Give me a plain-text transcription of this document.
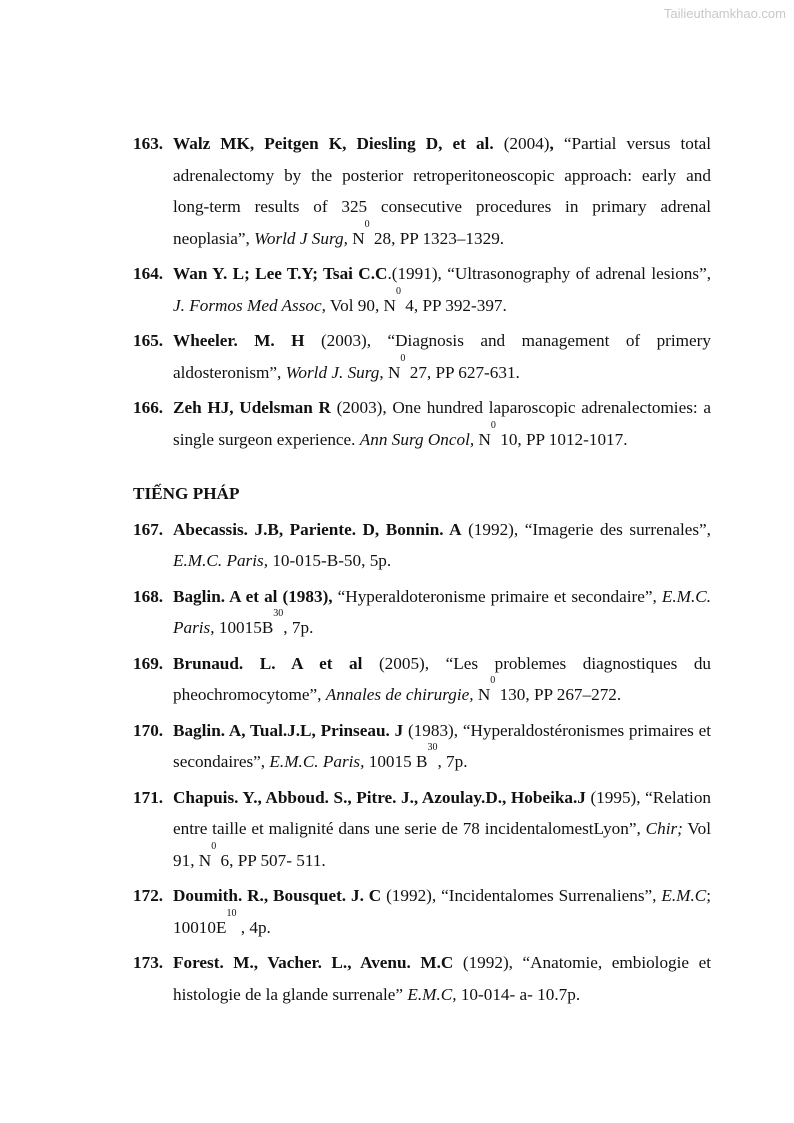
Tailieuthamkhao.com
163. Walz MK, Peitgen K, Diesling D, et al. (2004), “Partial versus total adrenalectomy by the posterior retroperitoneoscopic approach: early and long-term results of 325 consecutive procedures in primary adrenal neoplasia”, World J Surg, $N^0$ 28, PP 1323–1329.
164. Wan Y. L; Lee T.Y; Tsai C.C.(1991), “Ultrasonography of adrenal lesions”, J. Formos Med Assoc, Vol 90, $N^0$ 4, PP 392-397.
165. Wheeler. M. H (2003), “Diagnosis and management of primery aldosteronism”, World J. Surg, $N^0$ 27, PP 627-631.
166. Zeh HJ, Udelsman R (2003), One hundred laparoscopic adrenalectomies: a single surgeon experience. Ann Surg Oncol, $N^0$ 10, PP 1012-1017.
TIẾNG PHÁP
167. Abecassis. J.B, Pariente. D, Bonnin. A (1992), “Imagerie des surrenales”, E.M.C. Paris, 10-015-B-50, 5p.
168. Baglin. A et al (1983), “Hyperaldoteronisme primaire et secondaire”, E.M.C. Paris, $10015B^{30}$, 7p.
169. Brunaud. L. A et al (2005), “Les problemes diagnostiques du pheochromocytome”, Annales de chirurgie, $N^0$ 130, PP 267–272.
170. Baglin. A, Tual.J.L, Prinseau. J (1983), “Hyperaldostéronismes primaires et secondaires”, E.M.C. Paris, 10015 $B^{30}$, 7p.
171. Chapuis. Y., Abboud. S., Pitre. J., Azoulay.D., Hobeika.J (1995), “Relation entre taille et malignité dans une serie de 78 incidentalomestLyon”, Chir; Vol 91, $N^0$ 6, PP 507- 511.
172. Doumith. R., Bousquet. J. C (1992), “Incidentalomes Surrenaliens”, E.M.C; $10010E^{10}$ , 4p.
173. Forest. M., Vacher. L., Avenu. M.C (1992), “Anatomie, embiologie et histologie de la glande surrenale” E.M.C, 10-014- a- 10.7p.
